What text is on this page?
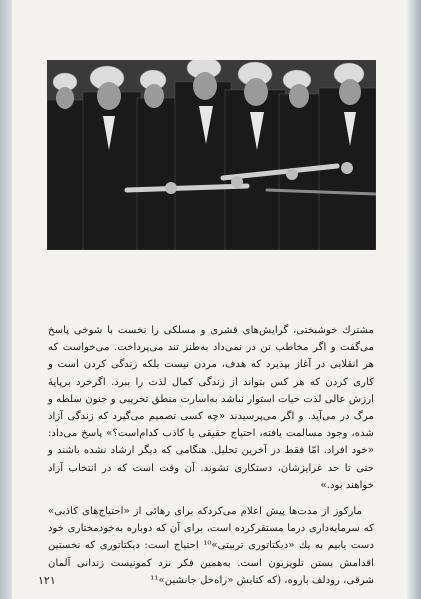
مشترك خوشبختی، گرایش‌های قشری و مسلکی را نخست با شوخی پاسخ می‌گفت و اگر مخاطب تن در نمی‌داد به‌طنز تند می‌پرداخت. می‌خواست که هر انقلابی در آغاز بپذیرد که هدف، مردن نیست بلکه زندگی کردن است و کاری کردن که هر کس بتواند از زندگی کمال لذت را ببرد. اگرخرد برپایهٔ ارزش عالی لذت حیات استوار نباشد به‌اسارت منطق تخریبی و جنون سلطه و مرگ در می‌آید. و اگر می‌پرسیدند «چه کسی تصمیم می‌گیرد که زندگی آزاد شده، وجود مسالمت یافته، احتیاج حقیقی یا کاذب کدام‌است؟» پاسخ می‌داد: «خود افراد. امّا فقط در آخرین تحلیل. هنگامی که دیگر ارشاد نشده باشند و حتی تا حد غرایزشان، دستکاری نشوند. آن وقت است که در انتخاب آزاد خواهند بود.»

مارکوز از مدت‌ها پیش اعلام می‌کردکه برای رهائی از «احتیاج‌های کاذبی» که سرمایه‌داری درما مستقرکرده است، برای آن که دوباره به‌خودمختاری خود دست یابیم به یك «دیکتاتوری تربیتی»¹⁰ احتیاج است: دیکتاتوری که نخستین اقدامش بستن تلویزیون است. به‌همین فکر نزد کمونیست زندانی آلمان شرقی، رودلف باروه، (که کتابش «راه‌حل جانشین»¹¹

۱۲۱
